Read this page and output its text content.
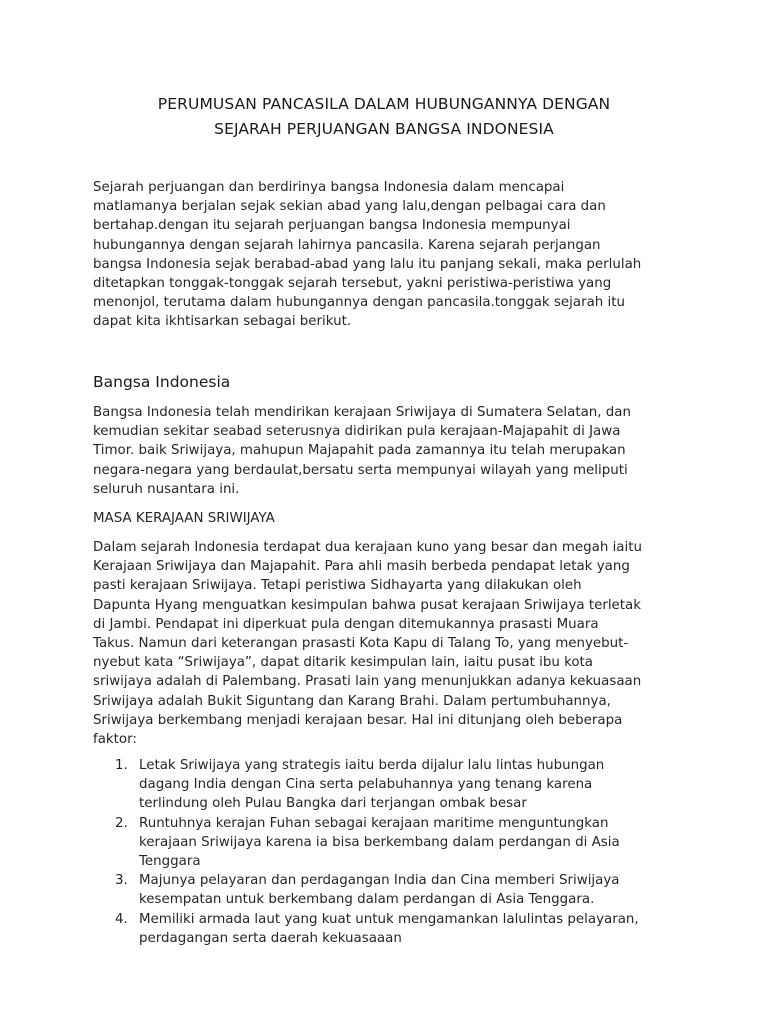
PERUMUSAN PANCASILA DALAM HUBUNGANNYA DENGAN
SEJARAH PERJUANGAN BANGSA INDONESIA
Sejarah perjuangan dan berdirinya bangsa Indonesia dalam mencapai
matlamanya berjalan sejak sekian abad yang lalu,dengan pelbagai cara dan
bertahap.dengan itu sejarah perjuangan bangsa Indonesia mempunyai
hubungannya dengan sejarah lahirnya pancasila. Karena sejarah perjangan
bangsa Indonesia sejak berabad-abad yang lalu itu panjang sekali, maka perlulah
ditetapkan tonggak-tonggak sejarah tersebut, yakni peristiwa-peristiwa yang
menonjol, terutama dalam hubungannya dengan pancasila.tonggak sejarah itu
dapat kita ikhtisarkan sebagai berikut.
Bangsa Indonesia
Bangsa Indonesia telah mendirikan kerajaan Sriwijaya di Sumatera Selatan, dan
kemudian sekitar seabad seterusnya didirikan pula kerajaan-Majapahit di Jawa
Timor. baik Sriwijaya, mahupun Majapahit pada zamannya itu telah merupakan
negara-negara yang berdaulat,bersatu serta mempunyai wilayah yang meliputi
seluruh nusantara ini.
MASA KERAJAAN SRIWIJAYA
Dalam sejarah Indonesia terdapat dua kerajaan kuno yang besar dan megah iaitu
Kerajaan Sriwijaya dan Majapahit. Para ahli masih berbeda pendapat letak yang
pasti kerajaan Sriwijaya. Tetapi peristiwa Sidhayarta yang dilakukan oleh
Dapunta Hyang menguatkan kesimpulan bahwa pusat kerajaan Sriwijaya terletak
di Jambi. Pendapat ini diperkuat pula dengan ditemukannya prasasti Muara
Takus. Namun dari keterangan prasasti Kota Kapu di Talang To, yang menyebut-
nyebut kata “Sriwijaya”, dapat ditarik kesimpulan lain, iaitu pusat ibu kota
sriwijaya adalah di Palembang. Prasati lain yang menunjukkan adanya kekuasaan
Sriwijaya adalah Bukit Siguntang dan Karang Brahi. Dalam pertumbuhannya,
Sriwijaya berkembang menjadi kerajaan besar. Hal ini ditunjang oleh beberapa
faktor:
1. Letak Sriwijaya yang strategis iaitu berda dijalur lalu lintas hubungan
dagang India dengan Cina serta pelabuhannya yang tenang karena
terlindung oleh Pulau Bangka dari terjangan ombak besar
2. Runtuhnya kerajan Fuhan sebagai kerajaan maritime menguntungkan
kerajaan Sriwijaya karena ia bisa berkembang dalam perdangan di Asia
Tenggara
3. Majunya pelayaran dan perdagangan India dan Cina memberi Sriwijaya
kesempatan untuk berkembang dalam perdangan di Asia Tenggara.
4. Memiliki armada laut yang kuat untuk mengamankan lalulintas pelayaran,
perdagangan serta daerah kekuasaaan
